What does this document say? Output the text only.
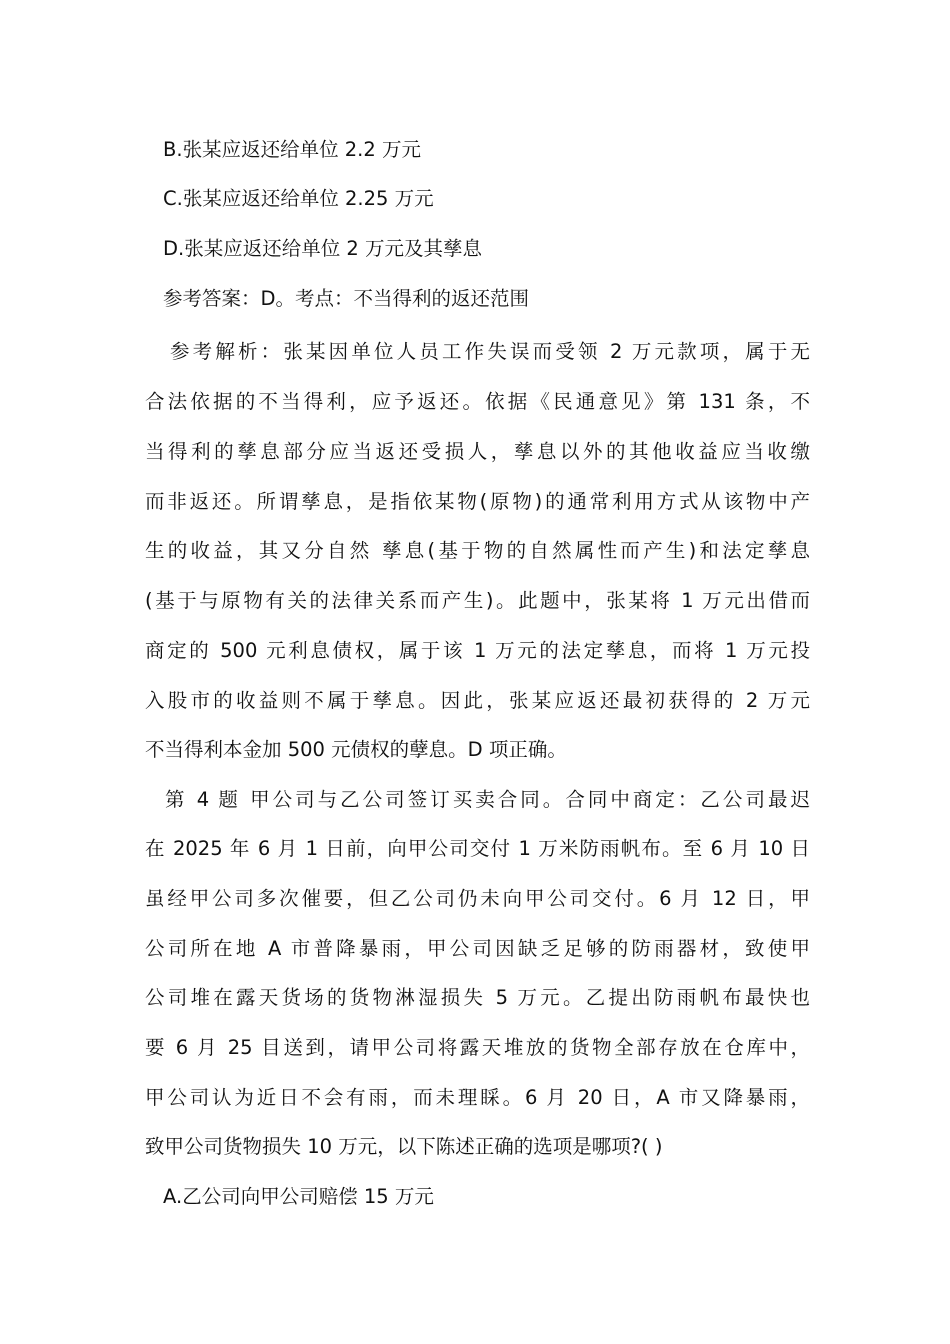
B.张某应返还给单位 2.2 万元
C.张某应返还给单位 2.25 万元
D.张某应返还给单位 2 万元及其孳息
参考答案：D。考点：不当得利的返还范围
参考解析：张某因单位人员工作失误而受领 2 万元款项，属于无
合法依据的不当得利，应予返还。依据《民通意见》第 131 条，不
当得利的孳息部分应当返还受损人，孳息以外的其他收益应当收缴
而非返还。所谓孳息，是指依某物(原物)的通常利用方式从该物中产
生的收益，其又分自然 孳息(基于物的自然属性而产生)和法定孳息
(基于与原物有关的法律关系而产生)。此题中，张某将 1 万元出借而
商定的 500 元利息债权，属于该 1 万元的法定孳息，而将 1 万元投
入股市的收益则不属于孳息。因此，张某应返还最初获得的 2 万元
不当得利本金加 500 元债权的孽息。D 项正确。
第 4 题 甲公司与乙公司签订买卖合同。合同中商定：乙公司最迟
在 2025 年 6 月 1 日前，向甲公司交付 1 万米防雨帆布。至 6 月 10 日
虽经甲公司多次催要，但乙公司仍未向甲公司交付。6 月 12 日，甲
公司所在地 A 市普降暴雨，甲公司因缺乏足够的防雨器材，致使甲
公司堆在露天货场的货物淋湿损失 5 万元。乙提出防雨帆布最快也
要 6 月 25 目送到，请甲公司将露天堆放的货物全部存放在仓库中，
甲公司认为近日不会有雨，而未理睬。6 月 20 日，A 市又降暴雨，
致甲公司货物损失 10 万元，以下陈述正确的选项是哪项?( )
A.乙公司向甲公司赔偿 15 万元
